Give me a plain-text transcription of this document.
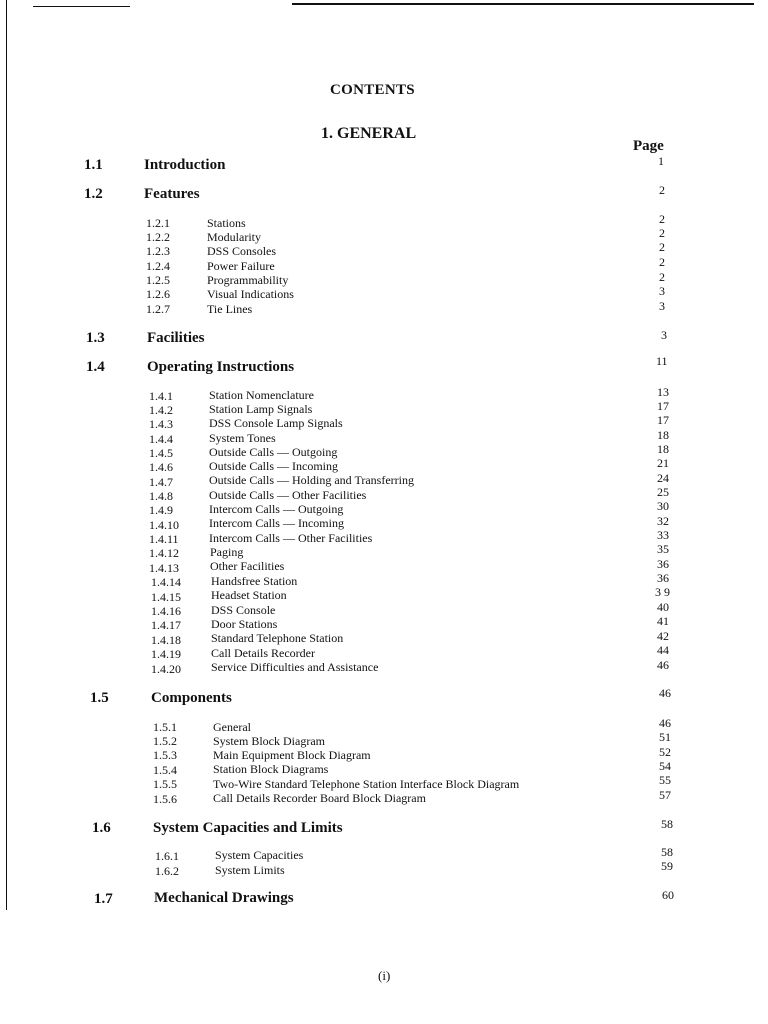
CONTENTS
1. GENERAL
Page
1.1	Introduction	1
1.2	Features	2
1.2.1	Stations	2
1.2.2	Modularity	2
1.2.3	DSS Consoles	2
1.2.4	Power Failure	2
1.2.5	Programmability	2
1.2.6	Visual Indications	3
1.2.7	Tie Lines	3
1.3	Facilities	3
1.4	Operating Instructions	11
1.4.1	Station Nomenclature	13
1.4.2	Station Lamp Signals	17
1.4.3	DSS Console Lamp Signals	17
1.4.4	System Tones	18
1.4.5	Outside Calls — Outgoing	18
1.4.6	Outside Calls — Incoming	21
1.4.7	Outside Calls — Holding and Transferring	24
1.4.8	Outside Calls — Other Facilities	25
1.4.9	Intercom Calls — Outgoing	30
1.4.10	Intercom Calls — Incoming	32
1.4.11	Intercom Calls — Other Facilities	33
1.4.12	Paging	35
1.4.13	Other Facilities	36
1.4.14	Handsfree Station	36
1.4.15	Headset Station	3 9
1.4.16	DSS Console	40
1.4.17	Door Stations	41
1.4.18	Standard Telephone Station	42
1.4.19	Call Details Recorder	44
1.4.20	Service Difficulties and Assistance	46
1.5	Components	46
1.5.1	General	46
1.5.2	System Block Diagram	51
1.5.3	Main Equipment Block Diagram	52
1.5.4	Station Block Diagrams	54
1.5.5	Two-Wire Standard Telephone Station Interface Block Diagram	55
1.5.6	Call Details Recorder Board Block Diagram	57
1.6	System Capacities and Limits	58
1.6.1	System Capacities	58
1.6.2	System Limits	59
1.7	Mechanical Drawings	60
(i)
